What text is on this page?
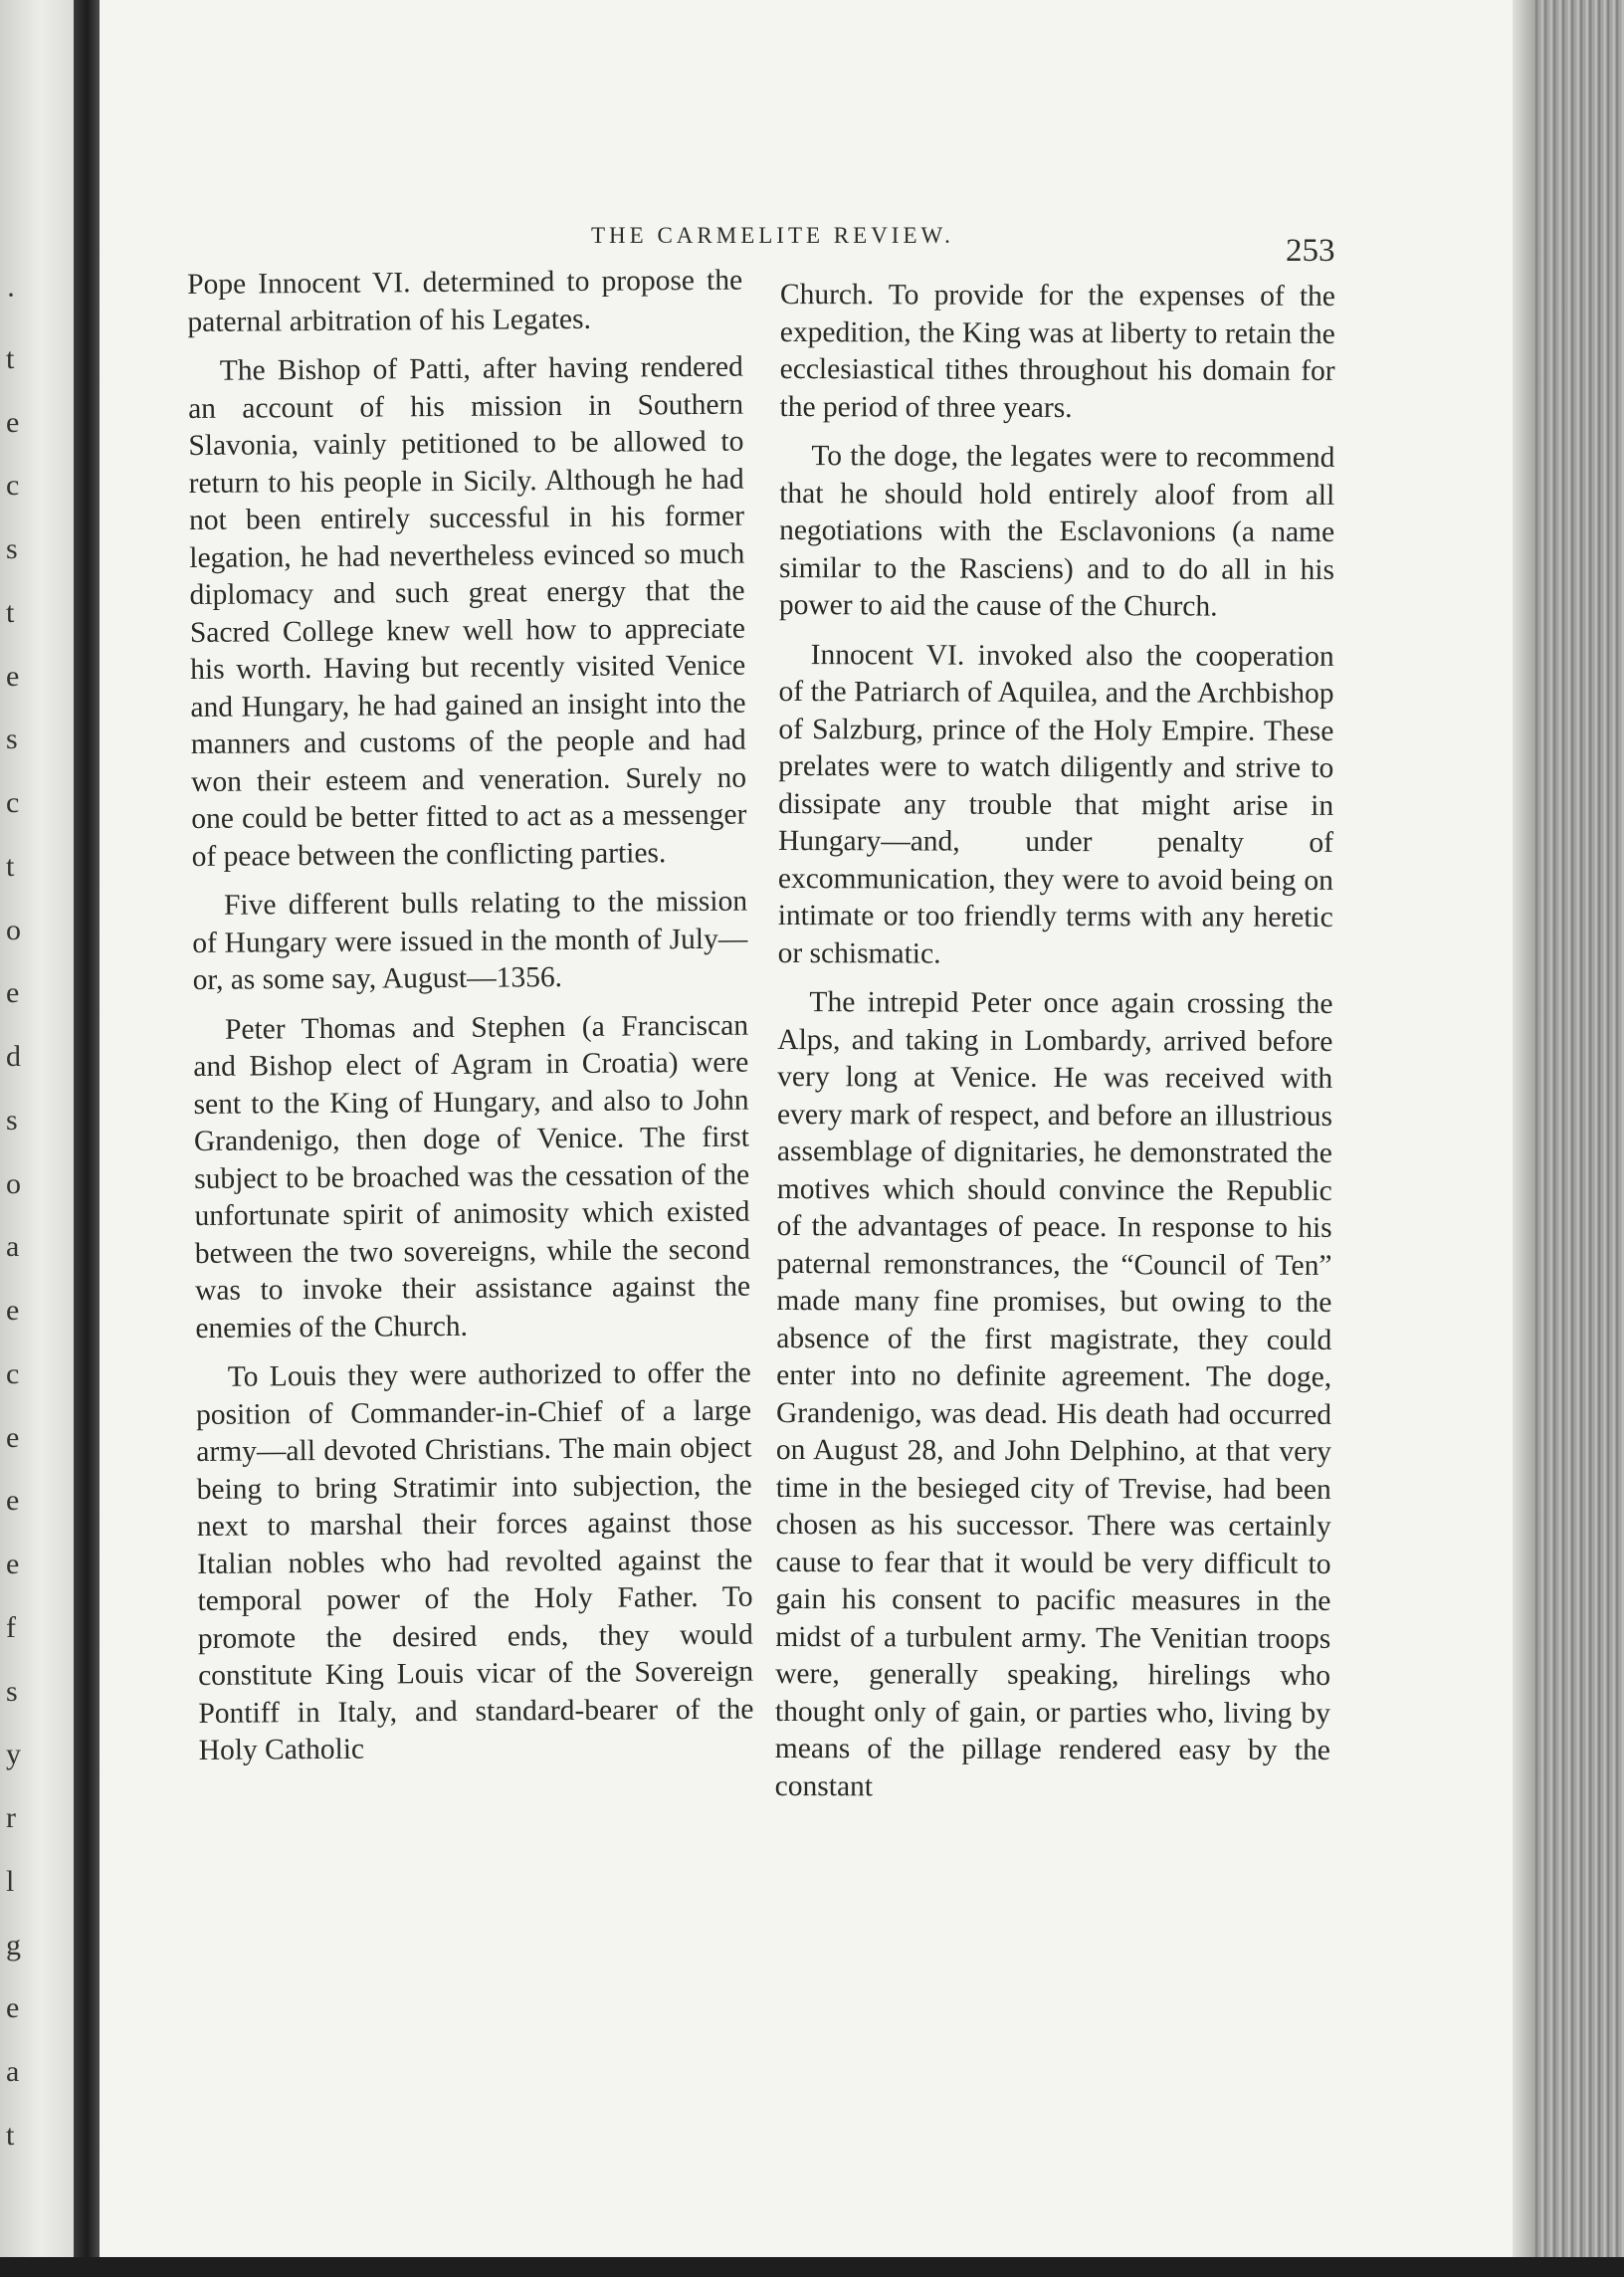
·
t
e
c
s
t
e
s
c
t
o
e
d
s
o
a
e
c
e
e
e
f
s
y
r
l
g
e
a
t
THE CARMELITE REVIEW.	253

Pope Innocent VI. determined to propose the paternal arbitration of his Legates.

The Bishop of Patti, after having rendered an account of his mission in Southern Slavonia, vainly petitioned to be allowed to return to his people in Sicily. Although he had not been entirely successful in his former legation, he had nevertheless evinced so much diplomacy and such great energy that the Sacred College knew well how to appreciate his worth. Having but recently visited Venice and Hungary, he had gained an insight into the manners and customs of the people and had won their esteem and veneration. Surely no one could be better fitted to act as a messenger of peace between the conflicting parties.

Five different bulls relating to the mission of Hungary were issued in the month of July—or, as some say, August—1356.

Peter Thomas and Stephen (a Franciscan and Bishop elect of Agram in Croatia) were sent to the King of Hungary, and also to John Grandenigo, then doge of Venice. The first subject to be broached was the cessation of the unfortunate spirit of animosity which existed between the two sovereigns, while the second was to invoke their assistance against the enemies of the Church.

To Louis they were authorized to offer the position of Commander-in-Chief of a large army—all devoted Christians. The main object being to bring Stratimir into subjection, the next to marshal their forces against those Italian nobles who had revolted against the temporal power of the Holy Father. To promote the desired ends, they would constitute King Louis vicar of the Sovereign Pontiff in Italy, and standard-bearer of the Holy Catholic

Church. To provide for the expenses of the expedition, the King was at liberty to retain the ecclesiastical tithes throughout his domain for the period of three years.

To the doge, the legates were to recommend that he should hold entirely aloof from all negotiations with the Esclavonions (a name similar to the Rasciens) and to do all in his power to aid the cause of the Church.

Innocent VI. invoked also the cooperation of the Patriarch of Aquilea, and the Archbishop of Salzburg, prince of the Holy Empire. These prelates were to watch diligently and strive to dissipate any trouble that might arise in Hungary—and, under penalty of excommunication, they were to avoid being on intimate or too friendly terms with any heretic or schismatic.

The intrepid Peter once again crossing the Alps, and taking in Lombardy, arrived before very long at Venice. He was received with every mark of respect, and before an illustrious assemblage of dignitaries, he demonstrated the motives which should convince the Republic of the advantages of peace. In response to his paternal remonstrances, the “Council of Ten” made many fine promises, but owing to the absence of the first magistrate, they could enter into no definite agreement. The doge, Grandenigo, was dead. His death had occurred on August 28, and John Delphino, at that very time in the besieged city of Trevise, had been chosen as his successor. There was certainly cause to fear that it would be very difficult to gain his consent to pacific measures in the midst of a turbulent army. The Venitian troops were, generally speaking, hirelings who thought only of gain, or parties who, living by means of the pillage rendered easy by the constant
